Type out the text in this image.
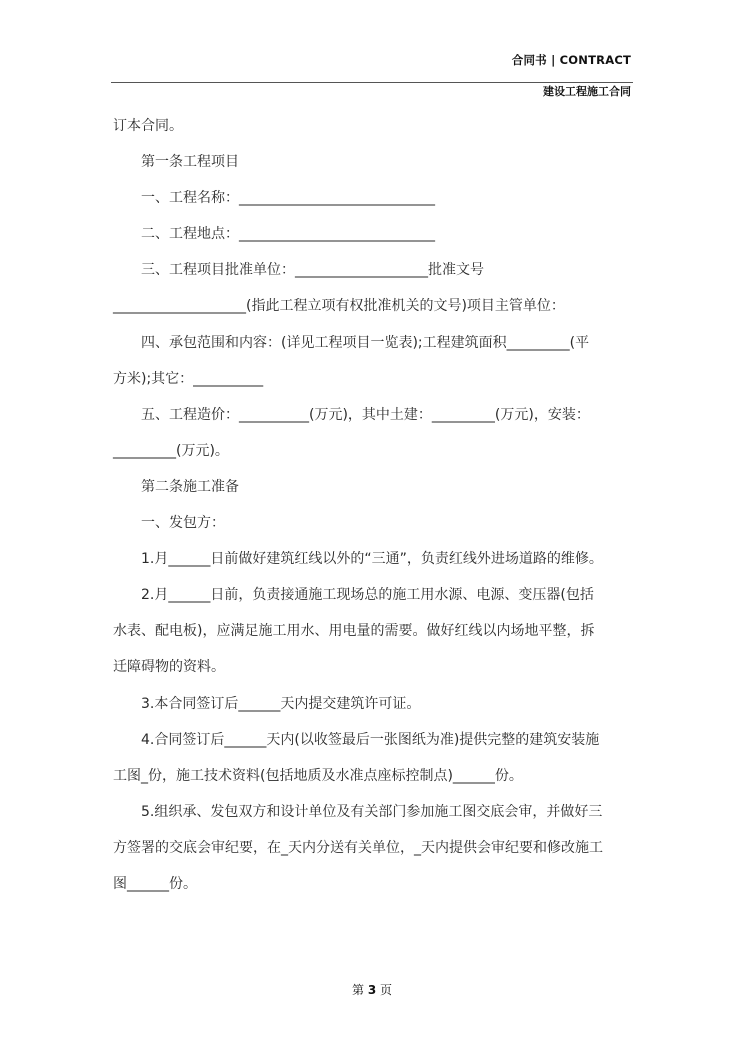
合同书 | CONTRACT
建设工程施工合同

订本合同。

第一条工程项目

一、工程名称：____________________________

二、工程地点：____________________________

三、工程项目批准单位：___________________批准文号

___________________(指此工程立项有权批准机关的文号)项目主管单位：

四、承包范围和内容：(详见工程项目一览表);工程建筑面积_________(平

方米);其它：__________

五、工程造价：__________(万元)，其中土建：_________(万元)，安装：

_________(万元)。

第二条施工准备

一、发包方：

1.月______日前做好建筑红线以外的“三通”，负责红线外进场道路的维修。

2.月______日前，负责接通施工现场总的施工用水源、电源、变压器(包括

水表、配电板)，应满足施工用水、用电量的需要。做好红线以内场地平整，拆

迁障碍物的资料。

3.本合同签订后______天内提交建筑许可证。

4.合同签订后______天内(以收签最后一张图纸为准)提供完整的建筑安装施

工图_份，施工技术资料(包括地质及水准点座标控制点)______份。

5.组织承、发包双方和设计单位及有关部门参加施工图交底会审，并做好三

方签署的交底会审纪要，在_天内分送有关单位，_天内提供会审纪要和修改施工

图______份。

第 3 页
